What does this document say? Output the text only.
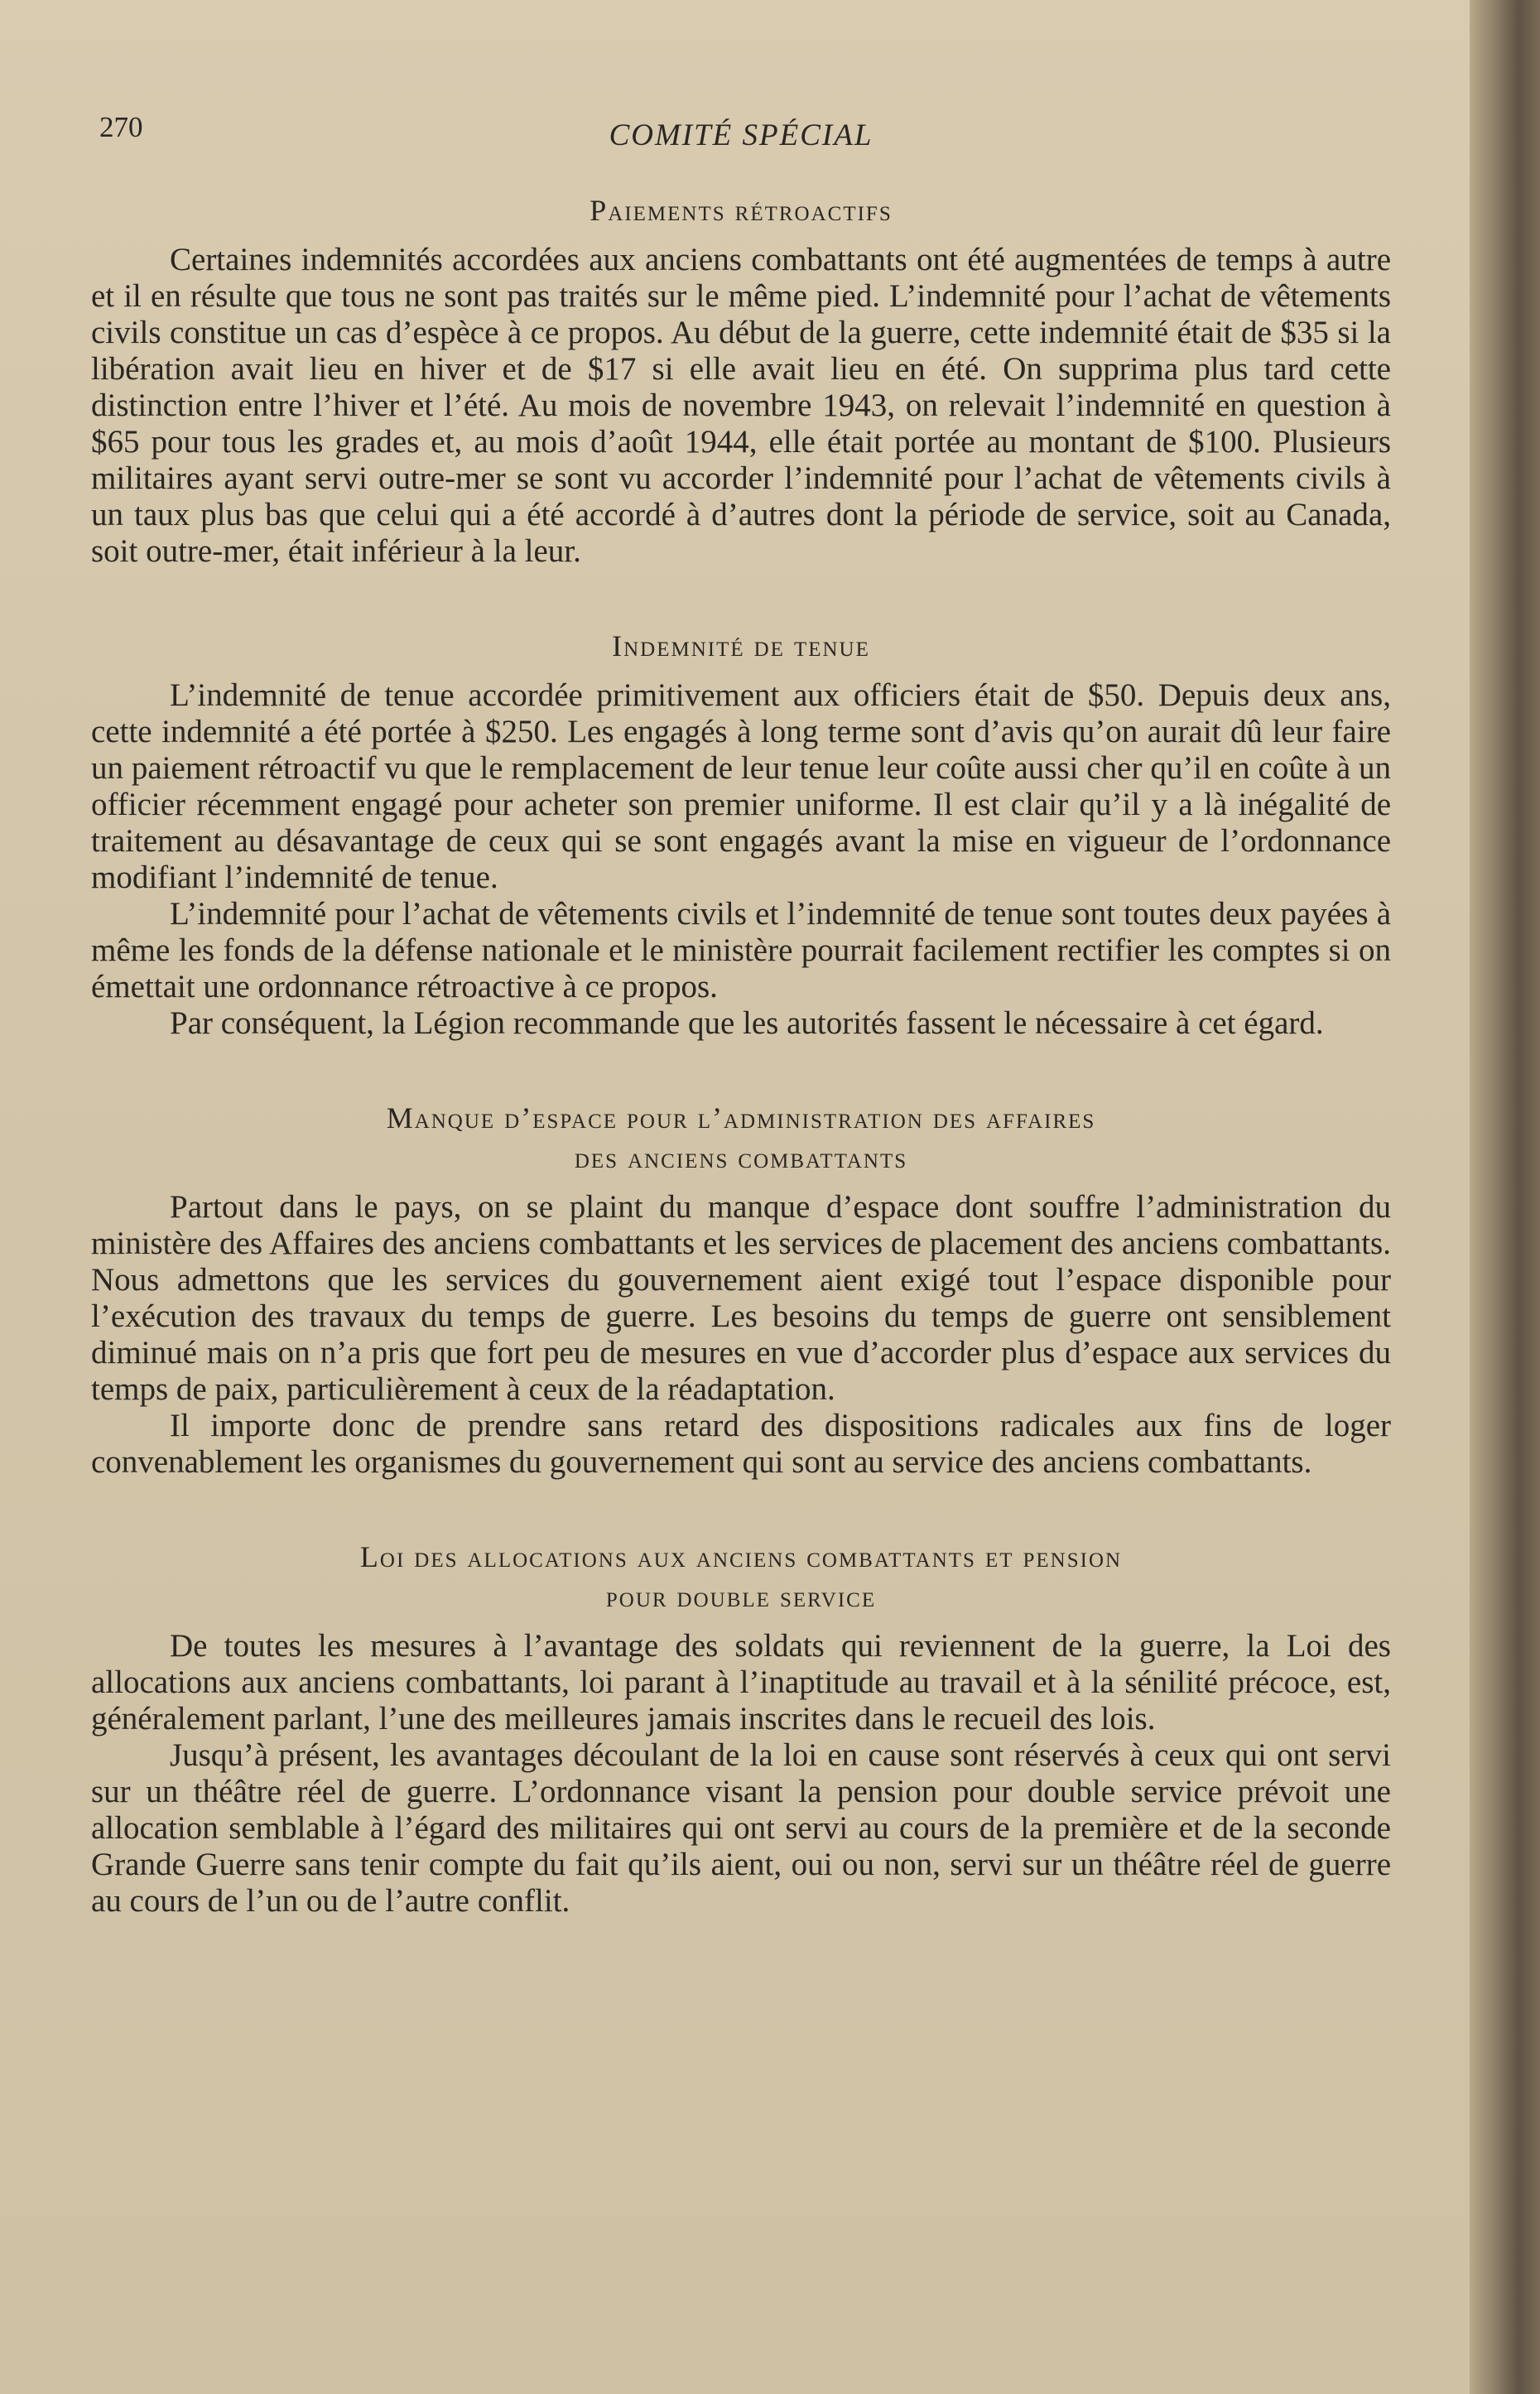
270	COMITÉ SPÉCIAL
Paiements rétroactifs

Certaines indemnités accordées aux anciens combattants ont été augmentées de temps à autre et il en résulte que tous ne sont pas traités sur le même pied. L’indemnité pour l’achat de vêtements civils constitue un cas d’espèce à ce propos. Au début de la guerre, cette indemnité était de $35 si la libération avait lieu en hiver et de $17 si elle avait lieu en été. On supprima plus tard cette distinction entre l’hiver et l’été. Au mois de novembre 1943, on relevait l’indemnité en question à $65 pour tous les grades et, au mois d’août 1944, elle était portée au montant de $100. Plusieurs militaires ayant servi outre-mer se sont vu accorder l’indemnité pour l’achat de vêtements civils à un taux plus bas que celui qui a été accordé à d’autres dont la période de service, soit au Canada, soit outre-mer, était inférieur à la leur.

Indemnité de tenue

L’indemnité de tenue accordée primitivement aux officiers était de $50. Depuis deux ans, cette indemnité a été portée à $250. Les engagés à long terme sont d’avis qu’on aurait dû leur faire un paiement rétroactif vu que le remplacement de leur tenue leur coûte aussi cher qu’il en coûte à un officier récemment engagé pour acheter son premier uniforme. Il est clair qu’il y a là inégalité de traitement au désavantage de ceux qui se sont engagés avant la mise en vigueur de l’ordonnance modifiant l’indemnité de tenue.

L’indemnité pour l’achat de vêtements civils et l’indemnité de tenue sont toutes deux payées à même les fonds de la défense nationale et le ministère pourrait facilement rectifier les comptes si on émettait une ordonnance rétroactive à ce propos.

Par conséquent, la Légion recommande que les autorités fassent le nécessaire à cet égard.

Manque d’espace pour l’administration des affaires
des anciens combattants

Partout dans le pays, on se plaint du manque d’espace dont souffre l’administration du ministère des Affaires des anciens combattants et les services de placement des anciens combattants. Nous admettons que les services du gouvernement aient exigé tout l’espace disponible pour l’exécution des travaux du temps de guerre. Les besoins du temps de guerre ont sensiblement diminué mais on n’a pris que fort peu de mesures en vue d’accorder plus d’espace aux services du temps de paix, particulièrement à ceux de la réadaptation.

Il importe donc de prendre sans retard des dispositions radicales aux fins de loger convenablement les organismes du gouvernement qui sont au service des anciens combattants.

Loi des allocations aux anciens combattants et pension
pour double service

De toutes les mesures à l’avantage des soldats qui reviennent de la guerre, la Loi des allocations aux anciens combattants, loi parant à l’inaptitude au travail et à la sénilité précoce, est, généralement parlant, l’une des meilleures jamais inscrites dans le recueil des lois.

Jusqu’à présent, les avantages découlant de la loi en cause sont réservés à ceux qui ont servi sur un théâtre réel de guerre. L’ordonnance visant la pension pour double service prévoit une allocation semblable à l’égard des militaires qui ont servi au cours de la première et de la seconde Grande Guerre sans tenir compte du fait qu’ils aient, oui ou non, servi sur un théâtre réel de guerre au cours de l’un ou de l’autre conflit.
